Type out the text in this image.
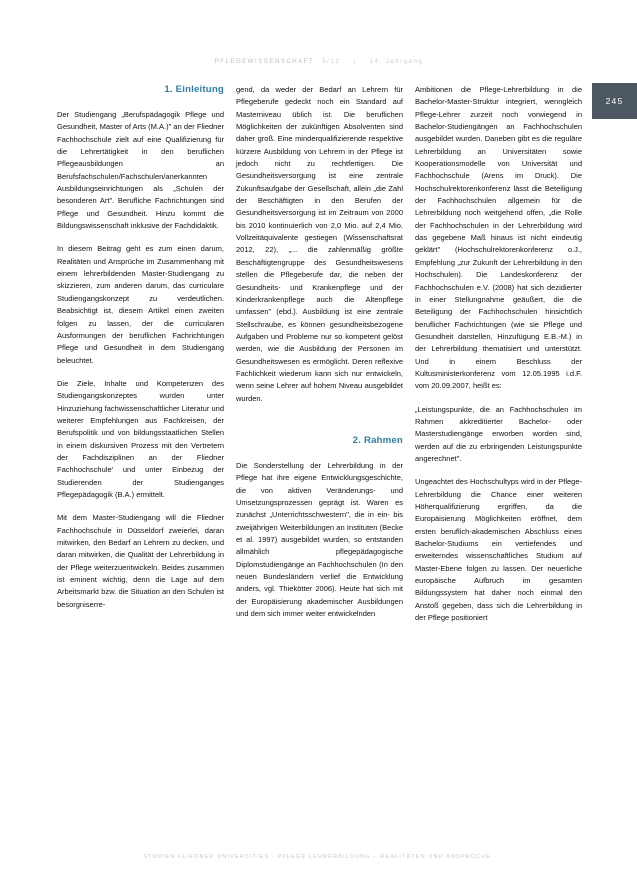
PFLEGEWISSENSCHAFT 5/12 | 14. Jahrgang
245
1. Einleitung

Der Studiengang „Berufspädagogik Pflege und Gesundheit, Master of Arts (M.A.)" an der Fliedner Fachhochschule zielt auf eine Qualifizierung für die Lehrertätigkeit in den beruflichen Pflegeausbildungen an Berufsfachschulen/Fachschulen/anerkannten Ausbildungseinrichtungen als „Schulen der besonderen Art". Berufliche Fachrichtungen sind Pflege und Gesundheit. Hinzu kommt die Bildungswissenschaft inklusive der Fachdidaktik.

In diesem Beitrag geht es zum einen darum, Realitäten und Ansprüche im Zusammenhang mit einem lehrerbildenden Master-Studiengang zu skizzieren, zum anderen darum, das curriculare Studiengangskonzept zu verdeutlichen. Beabsichtigt ist, diesem Artikel einen zweiten folgen zu lassen, der die curricularen Ausformungen der beruflichen Fachrichtungen Pflege und Gesundheit in dem Studiengang beleuchtet.

Die Ziele, Inhalte und Kompetenzen des Studiengangskonzeptes wurden unter Hinzuziehung fachwissenschaftlicher Literatur und weiterer Empfehlungen aus Fachkreisen, der Berufspolitik und von bildungsstaatlichen Stellen in einem diskursiven Prozess mit den Vertretern der Fachdisziplinen an der Fliedner Fachhochschule' und unter Einbezug der Studierenden der Studienganges Pflegepädagogik (B.A.) ermittelt.

Mit dem Master-Studiengang will die Fliedner Fachhochschule in Düsseldorf zweierlei, daran mitwirken, den Bedarf an Lehrern zu decken, und daran mitwirken, die Qualität der Lehrerbildung in der Pflege weiterzuentwickeln. Beides zusammen ist eminent wichtig, denn die Lage auf dem Arbeitsmarkt bzw. die Situation an den Schulen ist besorgniserre-

gend, da weder der Bedarf an Lehrern für Pflegeberufe gedeckt noch ein Standard auf Masterniveau üblich ist. Die beruflichen Möglichkeiten der zukünftigen Absolventen sind daher groß. Eine minderqualifizierende respektive kürzere Ausbildung von Lehrern in der Pflege ist jedoch nicht zu rechtfertigen. Die Gesundheitsversorgung ist eine zentrale Zukunftsaufgabe der Gesellschaft, allein „die Zahl der Beschäftigten in den Berufen der Gesundheitsversorgung ist im Zeitraum von 2000 bis 2010 kontinuierlich von 2,0 Mio. auf 2,4 Mio. Vollzeitäquivalente gestiegen (Wissenschaftsrat 2012, 22), „... die zahlenmäßig größte Beschäftigtengruppe des Gesundheitswesens stellen die Pflegeberufe dar, die neben der Gesundheits- und Krankenpflege und der Kinderkrankenpflege auch die Altenpflege umfassen" (ebd.). Ausbildung ist eine zentrale Stellschraube, es können gesundheitsbezogene Aufgaben und Probleme nur so kompetent gelöst werden, wie die Ausbildung der Personen im Gesundheitswesen es ermöglicht. Deren reflexive Fachlichkeit wiederum kann sich nur entwickeln, wenn seine Lehrer auf hohem Niveau ausgebildet wurden.

2. Rahmen

Die Sonderstellung der Lehrerbildung in der Pflege hat ihre eigene Entwicklungsgeschichte, die von aktiven Veränderungs- und Umsetzungsprozessen geprägt ist. Waren es zunächst „Unterrichtsschwestern", die in ein- bis zweijährigen Weiterbildungen an Instituten (Becke et al. 1997) ausgebildet wurden, so entstanden allmählich pflegepädagogische Diplomstudiengänge an Fachhochschulen (In den neuen Bundesländern verlief die Entwicklung anders, vgl. Thiekötter 2006). Heute hat sich mit der Europäisierung akademischer Ausbildungen und dem sich immer weiter entwickelnden

Ambitionen die Pflege-Lehrerbildung in die Bachelor-Master-Struktur integriert, wenngleich Pflege-Lehrer zurzeit noch vorwiegend in Bachelor-Studiengängen an Fachhochschulen ausgebildet wurden. Daneben gibt es die reguläre Lehrerbildung an Universitäten sowie Kooperationsmodelle von Universität und Fachhochschule (Arens im Druck). Die Hochschulrektorenkonferenz lässt die Beteiligung der Fachhochschulen allgemein für die Lehrerbildung noch weitgehend offen, „die Rolle der Fachhochschulen in der Lehrerbildung wird das gegebene Maß hinaus ist nicht eindeutig geklärt" (Hochschulrektorenkonferenz o.J., Empfehlung „zur Zukunft der Lehrerbildung in den Hochschulen). Die Landeskonferenz der Fachhochschulen e.V. (2008) hat sich dezidierter in einer Stellungnahme geäußert, die die Beteiligung der Fachhochschulen hinsichtlich beruflicher Fachrichtungen (wie sie Pflege und Gesundheit darstellen, Hinzufügung E.B.-M.) in der Lehrerbildung thematisiert und unterstützt. Und in einem Beschluss der Kultusministerkonferenz vom 12.05.1995 i.d.F. vom 20.09.2007, heißt es:

„Leistungspunkte, die an Fachhochschulen im Rahmen akkreditierter Bachelor- oder Masterstudiengänge erworben worden sind, werden auf die zu erbringenden Leistungspunkte angerechnet".

Ungeachtet des Hochschultyps wird in der Pflege-Lehrerbildung die Chance einer weiteren Höherqualifizierung ergriffen, da die Europäisierung Möglichkeiten eröffnet, dem ersten beruflich-akademischen Abschluss eines Bachelor-Studiums ein vertiefendes und erweiterndes wissenschaftliches Studium auf Master-Ebene folgen zu lassen. Der neuerliche europäische Aufbruch im gesamten Bildungssystem hat daher noch einmal den Anstoß gegeben, dass sich die Lehrerbildung in der Pflege positioniert

STUDIEN FLIEDNER UNIVERSITIES · PFLEGE LEHRERBILDUNG – REALITÄTEN UND ANSPRÜCHE ··
